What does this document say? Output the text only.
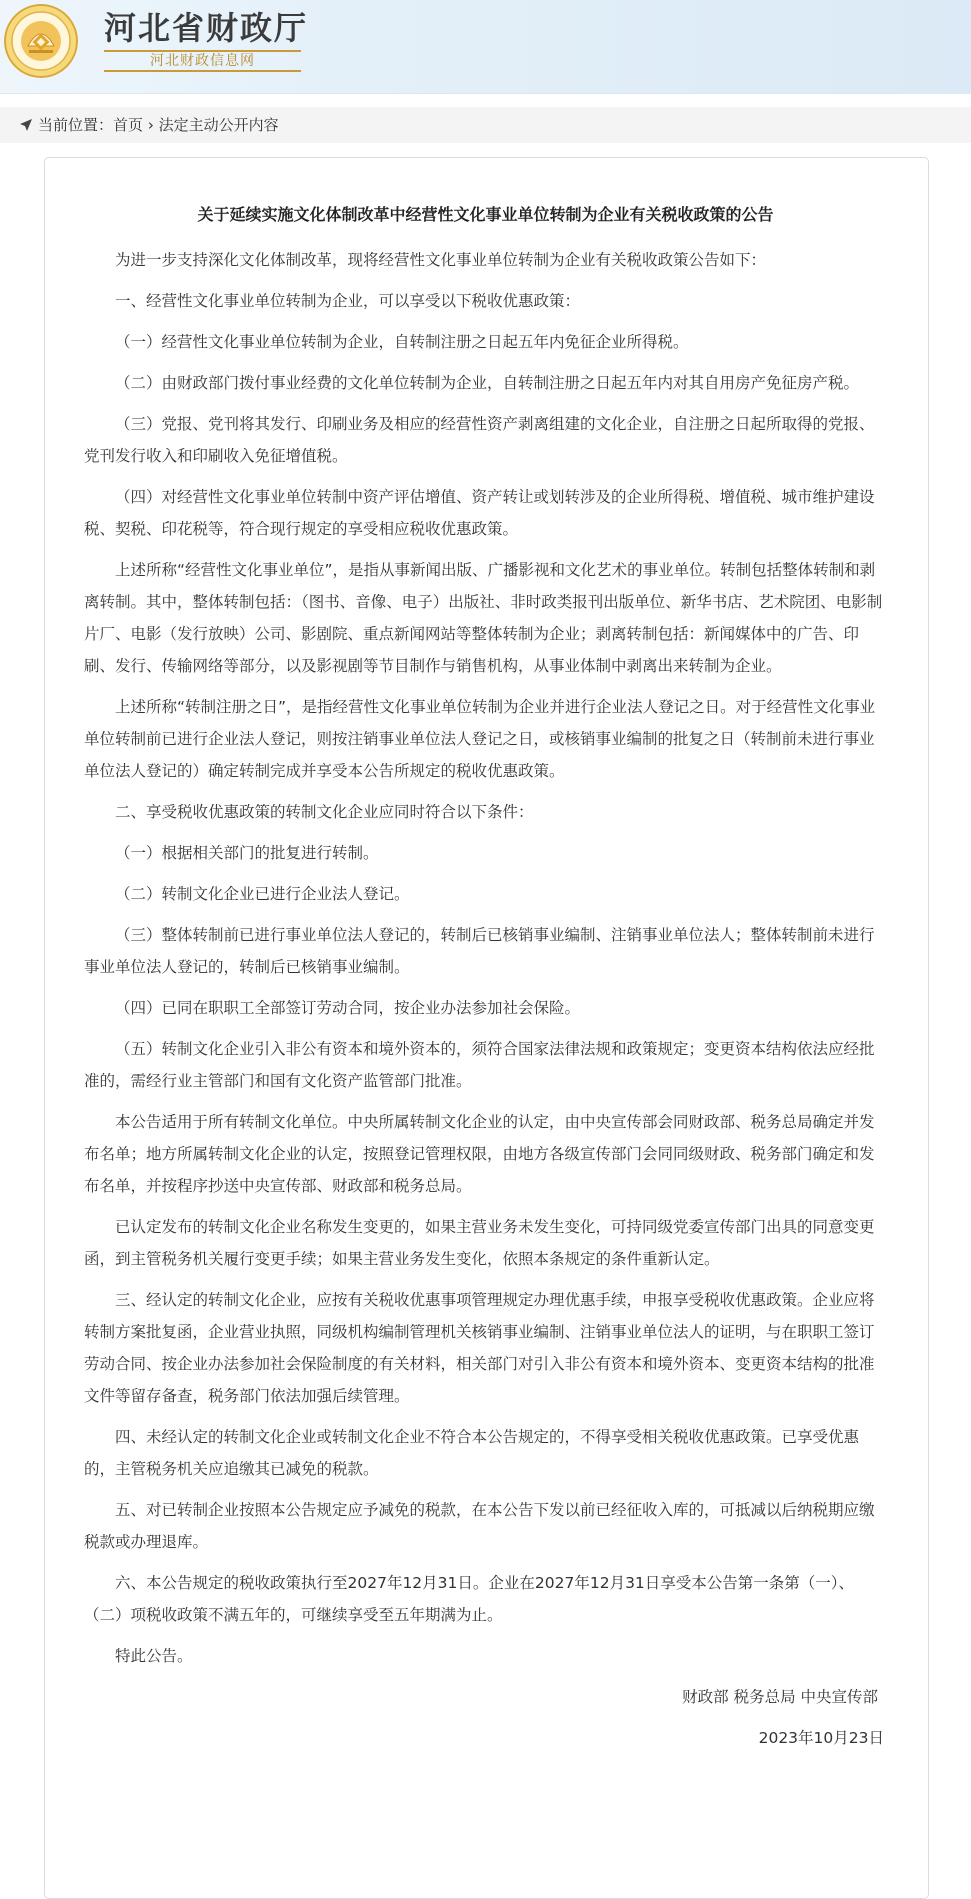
河北省财政厅
河北财政信息网
当前位置：首页 › 法定主动公开内容
关于延续实施文化体制改革中经营性文化事业单位转制为企业有关税收政策的公告

为进一步支持深化文化体制改革，现将经营性文化事业单位转制为企业有关税收政策公告如下：

一、经营性文化事业单位转制为企业，可以享受以下税收优惠政策：

（一）经营性文化事业单位转制为企业，自转制注册之日起五年内免征企业所得税。

（二）由财政部门拨付事业经费的文化单位转制为企业，自转制注册之日起五年内对其自用房产免征房产税。

（三）党报、党刊将其发行、印刷业务及相应的经营性资产剥离组建的文化企业，自注册之日起所取得的党报、党刊发行收入和印刷收入免征增值税。

（四）对经营性文化事业单位转制中资产评估增值、资产转让或划转涉及的企业所得税、增值税、城市维护建设税、契税、印花税等，符合现行规定的享受相应税收优惠政策。

上述所称“经营性文化事业单位”，是指从事新闻出版、广播影视和文化艺术的事业单位。转制包括整体转制和剥离转制。其中，整体转制包括：（图书、音像、电子）出版社、非时政类报刊出版单位、新华书店、艺术院团、电影制片厂、电影（发行放映）公司、影剧院、重点新闻网站等整体转制为企业；剥离转制包括：新闻媒体中的广告、印刷、发行、传输网络等部分，以及影视剧等节目制作与销售机构，从事业体制中剥离出来转制为企业。

上述所称“转制注册之日”，是指经营性文化事业单位转制为企业并进行企业法人登记之日。对于经营性文化事业单位转制前已进行企业法人登记，则按注销事业单位法人登记之日，或核销事业编制的批复之日（转制前未进行事业单位法人登记的）确定转制完成并享受本公告所规定的税收优惠政策。

二、享受税收优惠政策的转制文化企业应同时符合以下条件：

（一）根据相关部门的批复进行转制。

（二）转制文化企业已进行企业法人登记。

（三）整体转制前已进行事业单位法人登记的，转制后已核销事业编制、注销事业单位法人；整体转制前未进行事业单位法人登记的，转制后已核销事业编制。

（四）已同在职职工全部签订劳动合同，按企业办法参加社会保险。

（五）转制文化企业引入非公有资本和境外资本的，须符合国家法律法规和政策规定；变更资本结构依法应经批准的，需经行业主管部门和国有文化资产监管部门批准。

本公告适用于所有转制文化单位。中央所属转制文化企业的认定，由中央宣传部会同财政部、税务总局确定并发布名单；地方所属转制文化企业的认定，按照登记管理权限，由地方各级宣传部门会同同级财政、税务部门确定和发布名单，并按程序抄送中央宣传部、财政部和税务总局。

已认定发布的转制文化企业名称发生变更的，如果主营业务未发生变化，可持同级党委宣传部门出具的同意变更函，到主管税务机关履行变更手续；如果主营业务发生变化，依照本条规定的条件重新认定。

三、经认定的转制文化企业，应按有关税收优惠事项管理规定办理优惠手续，申报享受税收优惠政策。企业应将转制方案批复函，企业营业执照，同级机构编制管理机关核销事业编制、注销事业单位法人的证明，与在职职工签订劳动合同、按企业办法参加社会保险制度的有关材料，相关部门对引入非公有资本和境外资本、变更资本结构的批准文件等留存备查，税务部门依法加强后续管理。

四、未经认定的转制文化企业或转制文化企业不符合本公告规定的，不得享受相关税收优惠政策。已享受优惠的，主管税务机关应追缴其已减免的税款。

五、对已转制企业按照本公告规定应予减免的税款，在本公告下发以前已经征收入库的，可抵减以后纳税期应缴税款或办理退库。

六、本公告规定的税收政策执行至2027年12月31日。企业在2027年12月31日享受本公告第一条第（一）、（二）项税收政策不满五年的，可继续享受至五年期满为止。

特此公告。

财政部 税务总局 中央宣传部

2023年10月23日
